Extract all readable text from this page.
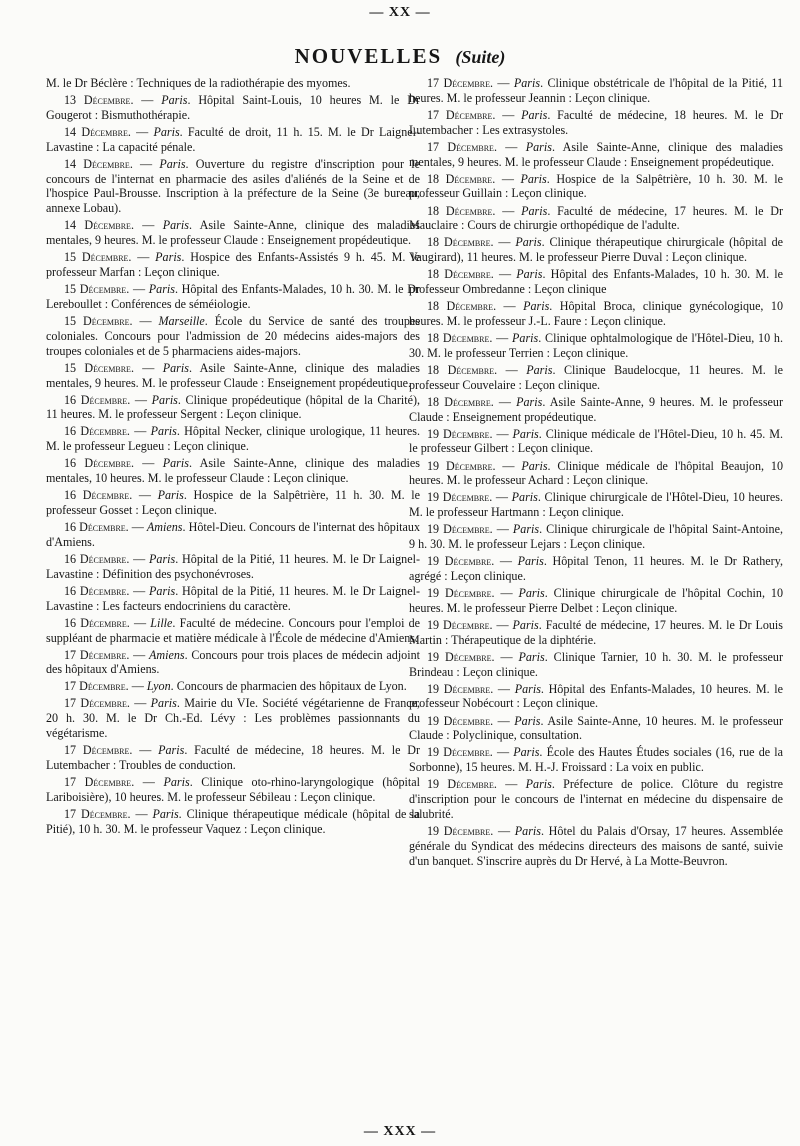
— XX —
NOUVELLES (Suite)

M. le Dr Béclère : Techniques de la radiothérapie des myomes.

13 Décembre. — Paris. Hôpital Saint-Louis, 10 heures M. le Dr Gougerot : Bismuthothérapie.

14 Décembre. — Paris. Faculté de droit, 11 h. 15. M. le Dr Laignel-Lavastine : La capacité pénale.

14 Décembre. — Paris. Ouverture du registre d'inscription pour le concours de l'internat en pharmacie des asiles d'aliénés de la Seine et de l'hospice Paul-Brousse. Inscription à la préfecture de la Seine (3e bureau, annexe Lobau).

14 Décembre. — Paris. Asile Sainte-Anne, clinique des maladies mentales, 9 heures. M. le professeur Claude : Enseignement propédeutique.

15 Décembre. — Paris. Hospice des Enfants-Assistés 9 h. 45. M. le professeur Marfan : Leçon clinique.

15 Décembre. — Paris. Hôpital des Enfants-Malades, 10 h. 30. M. le Dr Lereboullet : Conférences de séméiologie.

15 Décembre. — Marseille. École du Service de santé des troupes coloniales. Concours pour l'admission de 20 médecins aides-majors des troupes coloniales et de 5 pharmaciens aides-majors.

15 Décembre. — Paris. Asile Sainte-Anne, clinique des maladies mentales, 9 heures. M. le professeur Claude : Enseignement propédeutique.

16 Décembre. — Paris. Clinique propédeutique (hôpital de la Charité), 11 heures. M. le professeur Sergent : Leçon clinique.

16 Décembre. — Paris. Hôpital Necker, clinique urologique, 11 heures. M. le professeur Legueu : Leçon clinique.

16 Décembre. — Paris. Asile Sainte-Anne, clinique des maladies mentales, 10 heures. M. le professeur Claude : Leçon clinique.

16 Décembre. — Paris. Hospice de la Salpêtrière, 11 h. 30. M. le professeur Gosset : Leçon clinique.

16 Décembre. — Amiens. Hôtel-Dieu. Concours de l'internat des hôpitaux d'Amiens.

16 Décembre. — Paris. Hôpital de la Pitié, 11 heures. M. le Dr Laignel-Lavastine : Définition des psychonévroses.

16 Décembre. — Paris. Hôpital de la Pitié, 11 heures. M. le Dr Laignel-Lavastine : Les facteurs endocriniens du caractère.

16 Décembre. — Lille. Faculté de médecine. Concours pour l'emploi de suppléant de pharmacie et matière médicale à l'École de médecine d'Amiens.

17 Décembre. — Amiens. Concours pour trois places de médecin adjoint des hôpitaux d'Amiens.

17 Décembre. — Lyon. Concours de pharmacien des hôpitaux de Lyon.

17 Décembre. — Paris. Mairie du VIe. Société végétarienne de France, 20 h. 30. M. le Dr Ch.-Ed. Lévy : Les problèmes passionnants du végétarisme.

17 Décembre. — Paris. Faculté de médecine, 18 heures. M. le Dr Lutembacher : Troubles de conduction.

17 Décembre. — Paris. Clinique oto-rhino-laryngologique (hôpital Lariboisière), 10 heures. M. le professeur Sébileau : Leçon clinique.

17 Décembre. — Paris. Clinique thérapeutique médicale (hôpital de la Pitié), 10 h. 30. M. le professeur Vaquez : Leçon clinique.

17 Décembre. — Paris. Clinique obstétricale de l'hôpital de la Pitié, 11 heures. M. le professeur Jeannin : Leçon clinique.

17 Décembre. — Paris. Faculté de médecine, 18 heures. M. le Dr Lutembacher : Les extrasystoles.

17 Décembre. — Paris. Asile Sainte-Anne, clinique des maladies mentales, 9 heures. M. le professeur Claude : Enseignement propédeutique.

18 Décembre. — Paris. Hospice de la Salpêtrière, 10 h. 30. M. le professeur Guillain : Leçon clinique.

18 Décembre. — Paris. Faculté de médecine, 17 heures. M. le Dr Mauclaire : Cours de chirurgie orthopédique de l'adulte.

18 Décembre. — Paris. Clinique thérapeutique chirurgicale (hôpital de Vaugirard), 11 heures. M. le professeur Pierre Duval : Leçon clinique.

18 Décembre. — Paris. Hôpital des Enfants-Malades, 10 h. 30. M. le professeur Ombredanne : Leçon clinique

18 Décembre. — Paris. Hôpital Broca, clinique gynécologique, 10 heures. M. le professeur J.-L. Faure : Leçon clinique.

18 Décembre. — Paris. Clinique ophtalmologique de l'Hôtel-Dieu, 10 h. 30. M. le professeur Terrien : Leçon clinique.

18 Décembre. — Paris. Clinique Baudelocque, 11 heures. M. le professeur Couvelaire : Leçon clinique.

18 Décembre. — Paris. Asile Sainte-Anne, 9 heures. M. le professeur Claude : Enseignement propédeutique.

19 Décembre. — Paris. Clinique médicale de l'Hôtel-Dieu, 10 h. 45. M. le professeur Gilbert : Leçon clinique.

19 Décembre. — Paris. Clinique médicale de l'hôpital Beaujon, 10 heures. M. le professeur Achard : Leçon clinique.

19 Décembre. — Paris. Clinique chirurgicale de l'Hôtel-Dieu, 10 heures. M. le professeur Hartmann : Leçon clinique.

19 Décembre. — Paris. Clinique chirurgicale de l'hôpital Saint-Antoine, 9 h. 30. M. le professeur Lejars : Leçon clinique.

19 Décembre. — Paris. Hôpital Tenon, 11 heures. M. le Dr Rathery, agrégé : Leçon clinique.

19 Décembre. — Paris. Clinique chirurgicale de l'hôpital Cochin, 10 heures. M. le professeur Pierre Delbet : Leçon clinique.

19 Décembre. — Paris. Faculté de médecine, 17 heures. M. le Dr Louis Martin : Thérapeutique de la diphtérie.

19 Décembre. — Paris. Clinique Tarnier, 10 h. 30. M. le professeur Brindeau : Leçon clinique.

19 Décembre. — Paris. Hôpital des Enfants-Malades, 10 heures. M. le professeur Nobécourt : Leçon clinique.

19 Décembre. — Paris. Asile Sainte-Anne, 10 heures. M. le professeur Claude : Polyclinique, consultation.

19 Décembre. — Paris. École des Hautes Études sociales (16, rue de la Sorbonne), 15 heures. M. H.-J. Froissard : La voix en public.

19 Décembre. — Paris. Préfecture de police. Clôture du registre d'inscription pour le concours de l'internat en médecine du dispensaire de salubrité.

19 Décembre. — Paris. Hôtel du Palais d'Orsay, 17 heures. Assemblée générale du Syndicat des médecins directeurs des maisons de santé, suivie d'un banquet. S'inscrire auprès du Dr Hervé, à La Motte-Beuvron.

— XXX —
